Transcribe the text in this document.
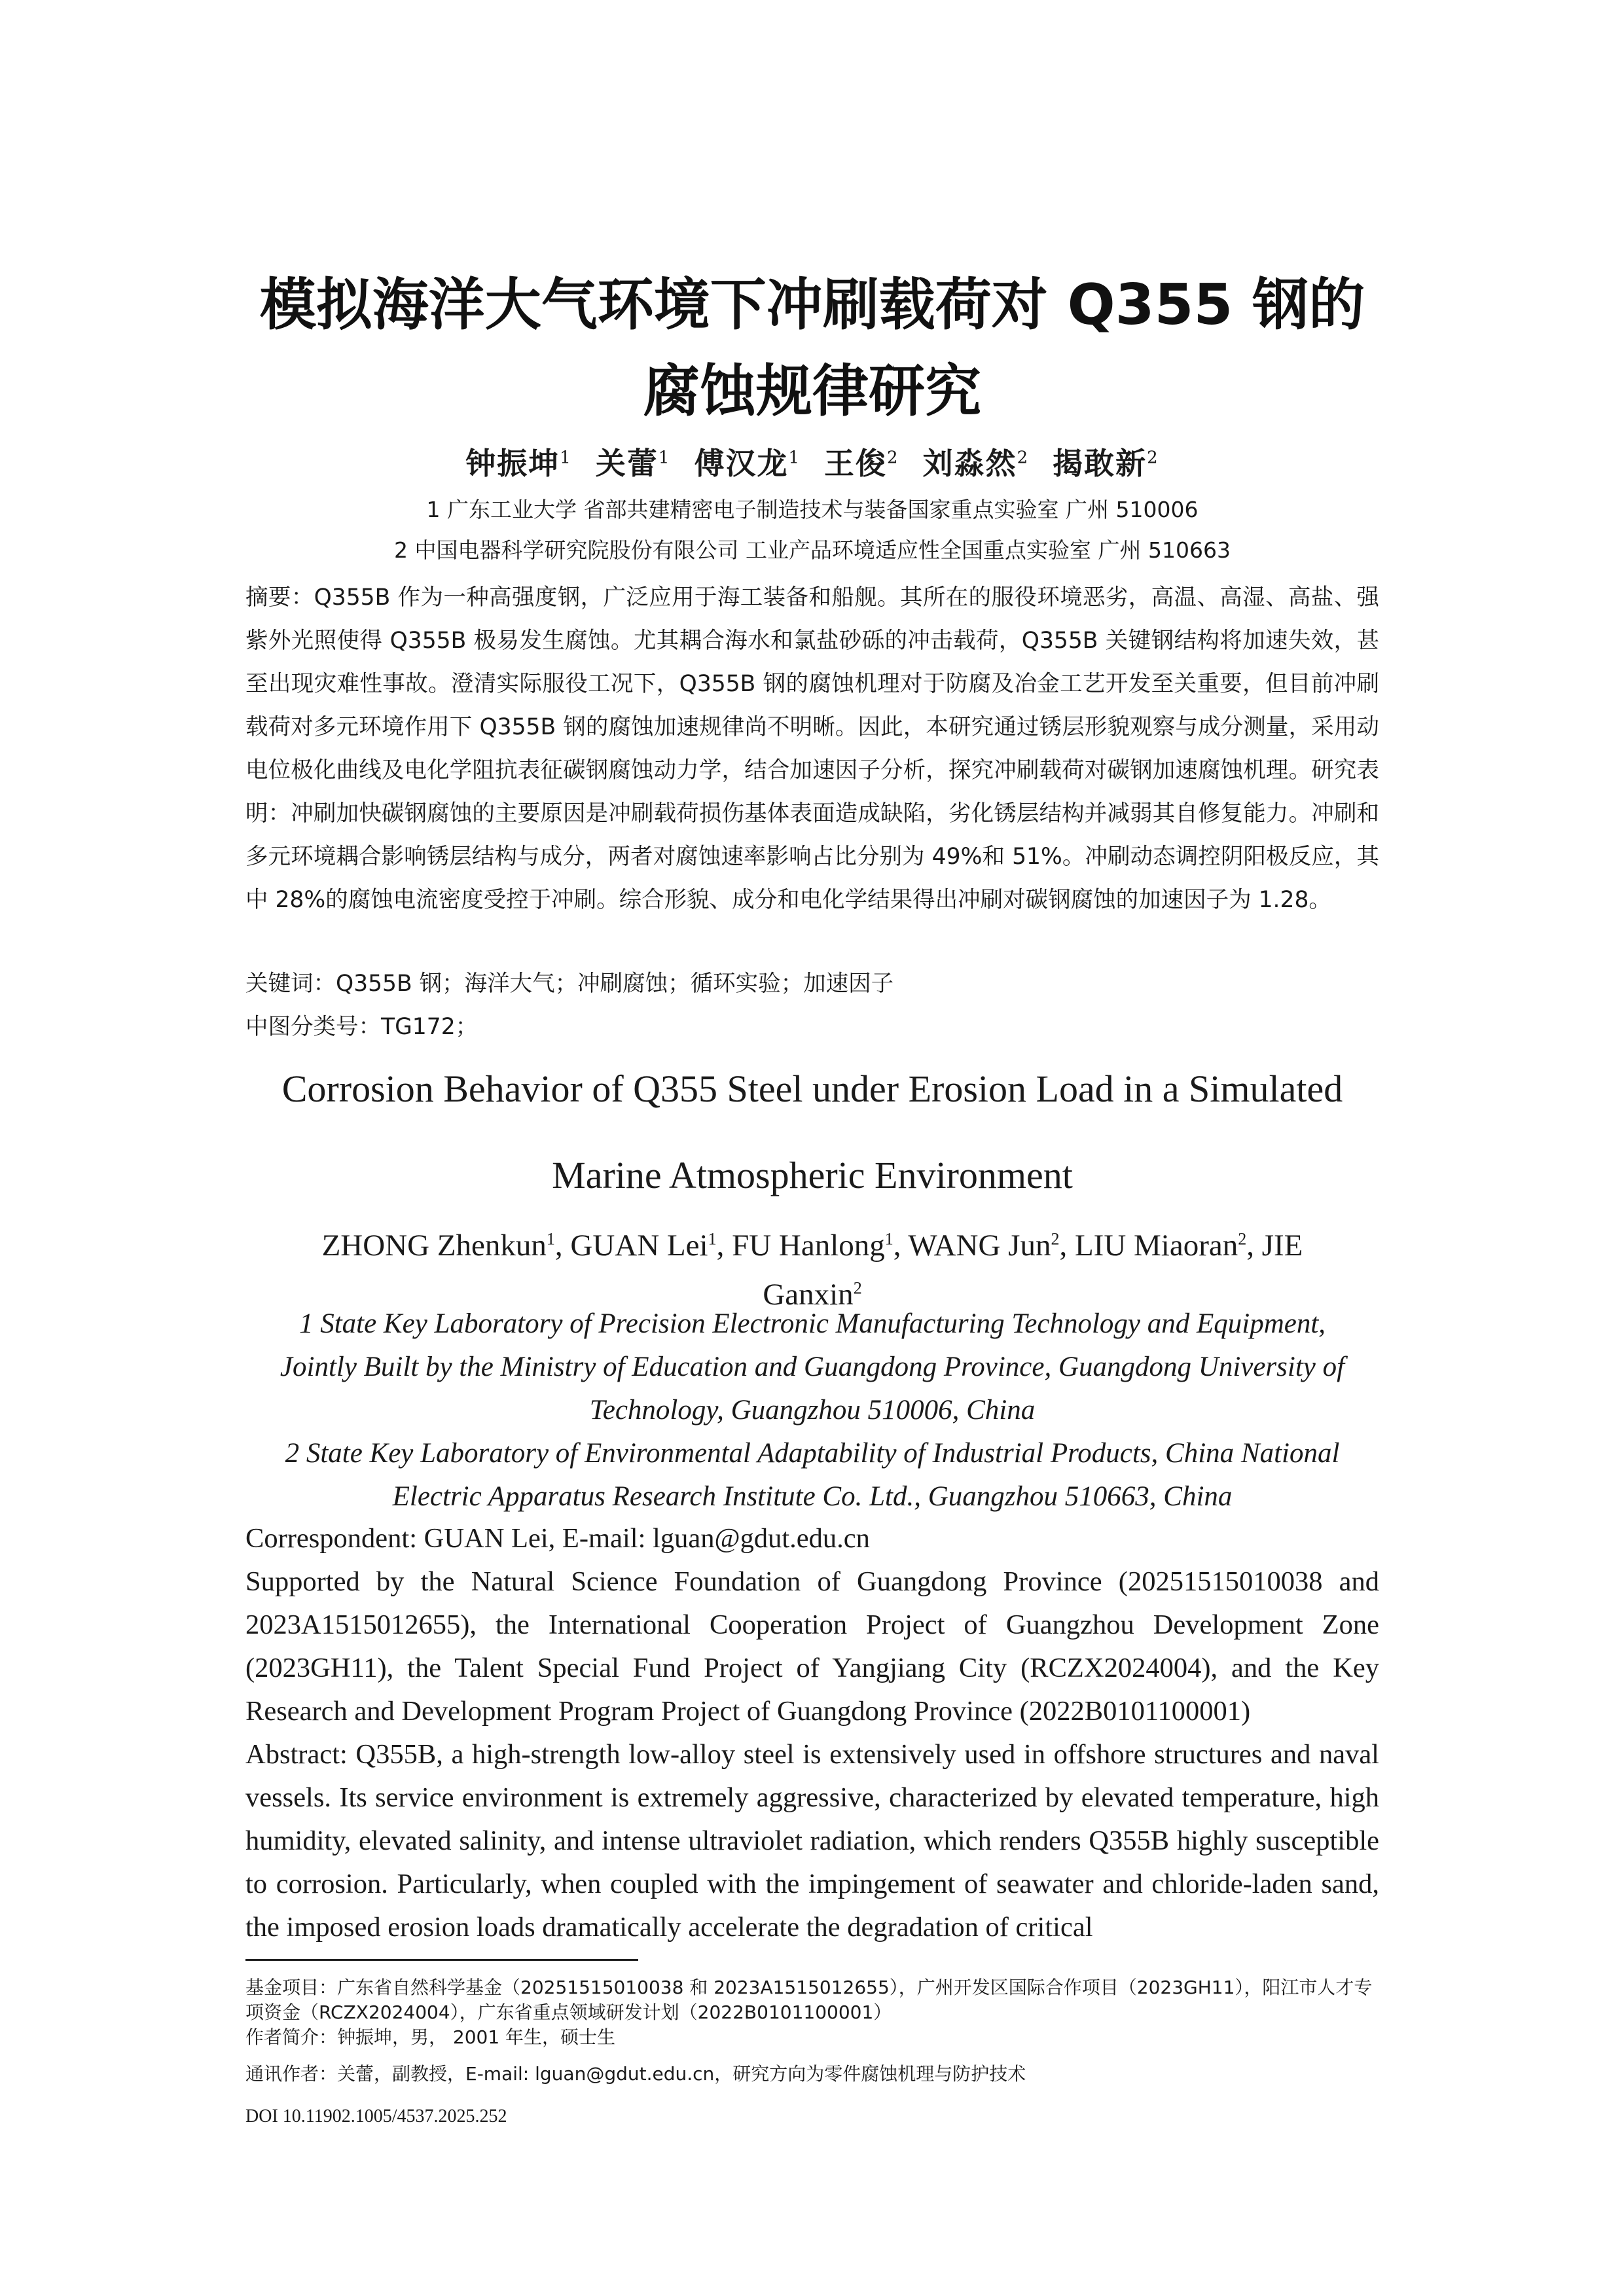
模拟海洋大气环境下冲刷载荷对 Q355 钢的
腐蚀规律研究
钟振坤$^1$ 关蕾$^1$ 傅汉龙$^1$ 王俊$^2$ 刘淼然$^2$ 揭敢新$^2$
1 广东工业大学 省部共建精密电子制造技术与装备国家重点实验室 广州 510006
2 中国电器科学研究院股份有限公司 工业产品环境适应性全国重点实验室 广州 510663
摘要：Q355B 作为一种高强度钢，广泛应用于海工装备和船舰。其所在的服役环境恶劣，高温、高湿、高盐、强紫外光照使得 Q355B 极易发生腐蚀。尤其耦合海水和氯盐砂砾的冲击载荷，Q355B 关键钢结构将加速失效，甚至出现灾难性事故。澄清实际服役工况下，Q355B 钢的腐蚀机理对于防腐及冶金工艺开发至关重要，但目前冲刷载荷对多元环境作用下 Q355B 钢的腐蚀加速规律尚不明晰。因此，本研究通过锈层形貌观察与成分测量，采用动电位极化曲线及电化学阻抗表征碳钢腐蚀动力学，结合加速因子分析，探究冲刷载荷对碳钢加速腐蚀机理。研究表明：冲刷加快碳钢腐蚀的主要原因是冲刷载荷损伤基体表面造成缺陷，劣化锈层结构并减弱其自修复能力。冲刷和多元环境耦合影响锈层结构与成分，两者对腐蚀速率影响占比分别为 49%和 51%。冲刷动态调控阴阳极反应，其中 28%的腐蚀电流密度受控于冲刷。综合形貌、成分和电化学结果得出冲刷对碳钢腐蚀的加速因子为 1.28。
关键词：Q355B 钢；海洋大气；冲刷腐蚀；循环实验；加速因子
中图分类号：TG172；
Corrosion Behavior of Q355 Steel under Erosion Load in a Simulated
Marine Atmospheric Environment
ZHONG Zhenkun$^1$, GUAN Lei$^1$, FU Hanlong$^1$, WANG Jun$^2$, LIU Miaoran$^2$, JIE Ganxin$^2$
1 State Key Laboratory of Precision Electronic Manufacturing Technology and Equipment,
Jointly Built by the Ministry of Education and Guangdong Province, Guangdong University of
Technology, Guangzhou 510006, China
2 State Key Laboratory of Environmental Adaptability of Industrial Products, China National
Electric Apparatus Research Institute Co. Ltd., Guangzhou 510663, China
Correspondent: GUAN Lei, E-mail: lguan@gdut.edu.cn
Supported by the Natural Science Foundation of Guangdong Province (20251515010038 and 2023A1515012655), the International Cooperation Project of Guangzhou Development Zone (2023GH11), the Talent Special Fund Project of Yangjiang City (RCZX2024004), and the Key Research and Development Program Project of Guangdong Province (2022B0101100001)
Abstract: Q355B, a high-strength low-alloy steel is extensively used in offshore structures and naval vessels. Its service environment is extremely aggressive, characterized by elevated temperature, high humidity, elevated salinity, and intense ultraviolet radiation, which renders Q355B highly susceptible to corrosion. Particularly, when coupled with the impingement of seawater and chloride-laden sand, the imposed erosion loads dramatically accelerate the degradation of critical
基金项目：广东省自然科学基金（20251515010038 和 2023A1515012655），广州开发区国际合作项目（2023GH11），阳江市人才专项资金（RCZX2024004），广东省重点领域研发计划（2022B0101100001）
作者简介：钟振坤，男， 2001 年生，硕士生
通讯作者：关蕾，副教授，E-mail: lguan@gdut.edu.cn，研究方向为零件腐蚀机理与防护技术
DOI 10.11902.1005/4537.2025.252
